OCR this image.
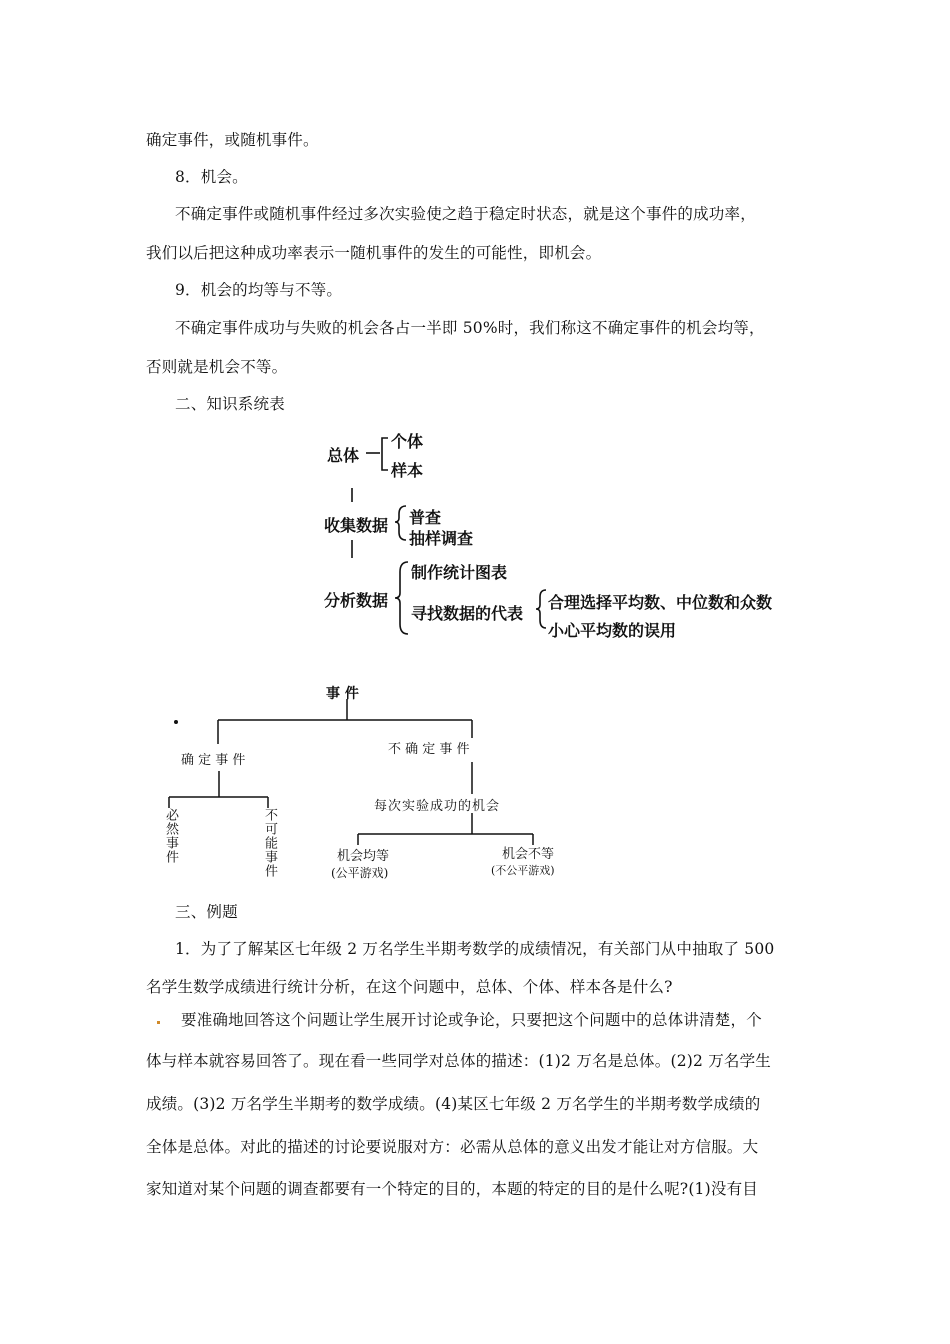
确定事件，或随机事件。
8．机会。
不确定事件或随机事件经过多次实验使之趋于稳定时状态，就是这个事件的成功率，
我们以后把这种成功率表示一随机事件的发生的可能性，即机会。
9．机会的均等与不等。
不确定事件成功与失败的机会各占一半即 50%时，我们称这不确定事件的机会均等，
否则就是机会不等。
二、知识系统表
总体
个体
样本
收集数据 普查
抽样调查
分析数据
制作统计图表
寻找数据的代表
合理选择平均数、中位数和众数
小心平均数的误用
事 件
确 定 事 件
不 确 定 事 件
每次实验成功的机会
必然事件	不可能事件	机会均等
(公平游戏)
机会不等
(不公平游戏)
三、例题
1．为了了解某区七年级 2 万名学生半期考数学的成绩情况，有关部门从中抽取了 500
名学生数学成绩进行统计分析，在这个问题中，总体、个体、样本各是什么?
要准确地回答这个问题让学生展开讨论或争论，只要把这个问题中的总体讲清楚，个
体与样本就容易回答了。现在看一些同学对总体的描述：(1)2 万名是总体。(2)2 万名学生
成绩。(3)2 万名学生半期考的数学成绩。(4)某区七年级 2 万名学生的半期考数学成绩的
全体是总体。对此的描述的讨论要说服对方：必需从总体的意义出发才能让对方信服。大
家知道对某个问题的调查都要有一个特定的目的，本题的特定的目的是什么呢?(1)没有目
